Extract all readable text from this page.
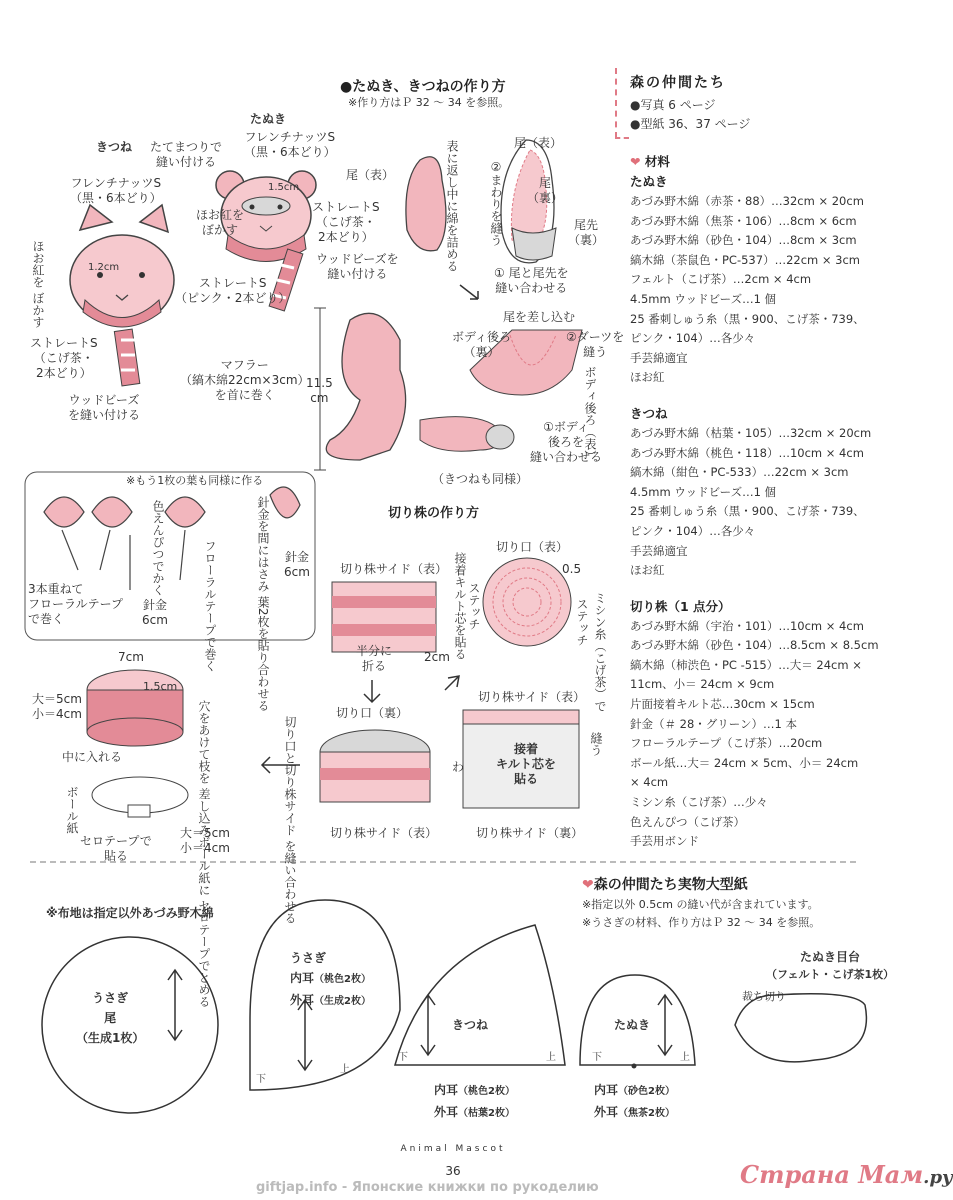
●たぬき、きつねの作り方
※作り方はＰ 32 ～ 34 を参照。
森の仲間たち
●写真 6 ページ
●型紙 36、37 ページ
❤ 材料
たぬき
あづみ野木綿（赤茶・88）…32cm × 20cm
あづみ野木綿（焦茶・106）…8cm × 6cm
あづみ野木綿（砂色・104）…8cm × 3cm
縞木綿（茶鼠色・PC-537）…22cm × 3cm
フェルト（こげ茶）…2cm × 4cm
4.5mm ウッドビーズ…1 個
25 番刺しゅう糸（黒・900、こげ茶・739、
ピンク・104）…各少々
手芸綿適宜
ほお紅
きつね
あづみ野木綿（枯葉・105）…32cm × 20cm
あづみ野木綿（桃色・118）…10cm × 4cm
縞木綿（紺色・PC-533）…22cm × 3cm
4.5mm ウッドビーズ…1 個
25 番刺しゅう糸（黒・900、こげ茶・739、
ピンク・104）…各少々
手芸綿適宜
ほお紅
切り株（1 点分）
あづみ野木綿（宇治・101）…10cm × 4cm
あづみ野木綿（砂色・104）…8.5cm × 8.5cm
縞木綿（柿渋色・PC -515）…大＝ 24cm ×
11cm、小＝ 24cm × 9cm
片面接着キルト芯…30cm × 15cm
針金（＃ 28・グリーン）…1 本
フローラルテープ（こげ茶）…20cm
ボール紙…大＝ 24cm × 5cm、小＝ 24cm
× 4cm
ミシン糸（こげ茶）…少々
色えんぴつ（こげ茶）
手芸用ボンド
きつね
フレンチナッツS
（黒・6本どり）
1.2cm
ほお紅を ぼかす
ストレートS
（ピンク・2本どり）
ストレートS
（こげ茶・
2本どり）
ウッドビーズ
を縫い付ける
マフラー
（縞木綿22cm×3cm）
を首に巻く
たぬき
たてまつりで
縫い付ける
フレンチナッツS
（黒・6本どり）
1.5cm
ほお紅を
ぼかす
ストレートS
（こげ茶・
2本どり）
ウッドビーズを
縫い付ける
尾（表）	表に返し中に綿を詰める	②まわりを縫う
尾（表）
尾
（裏）
尾先
（裏）
① 尾と尾先を
縫い合わせる
尾を差し込む
ボディ後ろ
（裏）
②ダーツを
縫う
ボディ後ろ（表）
①ボディ
後ろを
縫い合わせる
11.5
cm
（きつねも同様）
切り株の作り方
※もう1枚の葉も同様に作る
針金を間にはさみ 葉2枚を貼り合わせる
フローラルテープで巻く
色えんぴつでかく	針金
6cm
針金
6cm
3本重ねて
フローラルテープ
で巻く
切り株サイド（表）
切り口（表）
接着キルト芯を貼る ステッチ
半分に
折る
2cm
0.5
ミシン糸（こげ茶）で
ステッチ
7cm
1.5cm
大＝5cm
小＝4cm
中に入れる	穴をあけて枝を 差し込みボール紙に セロテープでとめる
切り口（裏）
切り口と切り株サイド を縫い合わせる
切り株サイド（表）
切り株サイド（表）
接着
キルト芯を
貼る
縫う
わ
切り株サイド（裏）
ボール紙
セロテープで
貼る
大＝5cm
小＝4cm
❤森の仲間たち実物大型紙
※指定以外 0.5cm の縫い代が含まれています。
※うさぎの材料、作り方はＰ 32 ～ 34 を参照。
※布地は指定以外あづみ野木綿
うさぎ
尾
（生成1枚）
うさぎ
内耳（桃色2枚）
外耳（生成2枚）
きつね
内耳（桃色2枚）
外耳（枯葉2枚）
たぬき
内耳（砂色2枚）
外耳（焦茶2枚）
たぬき目台
（フェルト・こげ茶1枚）
裁ち切り
下
上
下	上	下	上
Animal Mascot
36
giftjap.info - Японские книжки по рукоделию	Страна Мам.ру
